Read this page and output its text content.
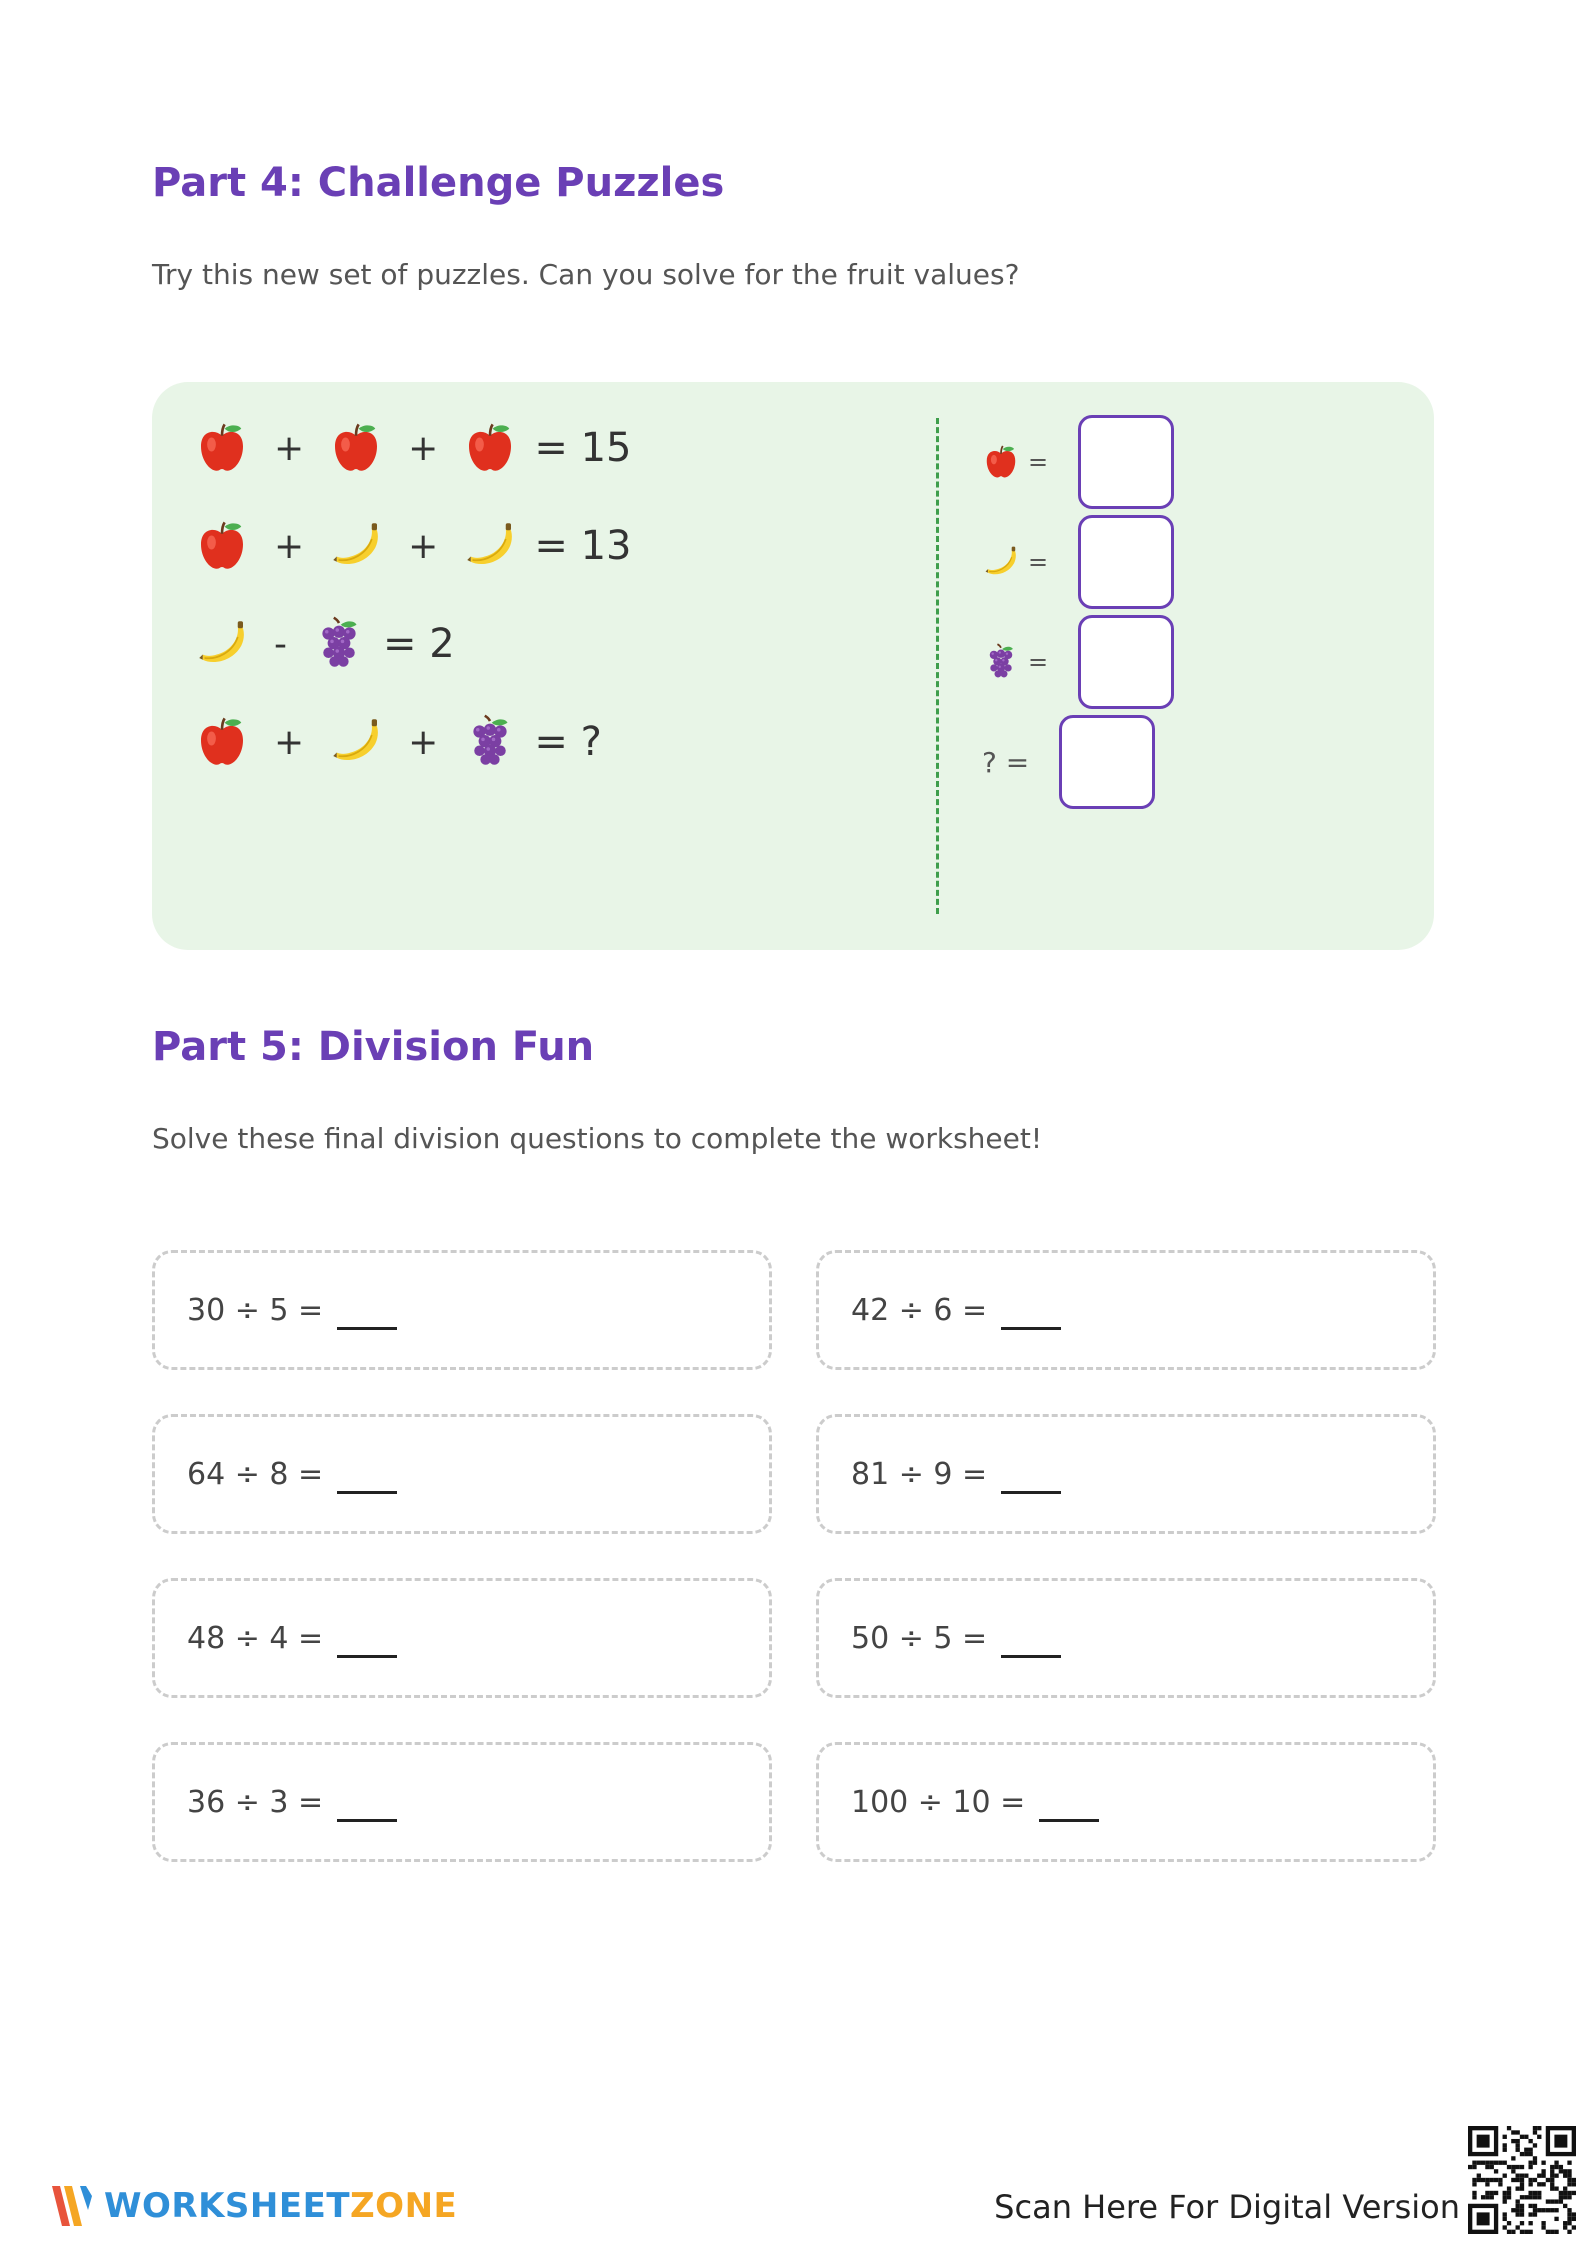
Part 4: Challenge Puzzles

Try this new set of puzzles. Can you solve for the fruit values?

+	+ = 15
+	+ = 13
- = 2
+	+ = ?
=
=
=
? =
Part 5: Division Fun

Solve these final division questions to complete the worksheet!

30 ÷ 5 =	42 ÷ 6 =
64 ÷ 8 =	81 ÷ 9 =
48 ÷ 4 =	50 ÷ 5 =
36 ÷ 3 =	100 ÷ 10 =
WORKSHEETZONE	Scan Here For Digital Version
